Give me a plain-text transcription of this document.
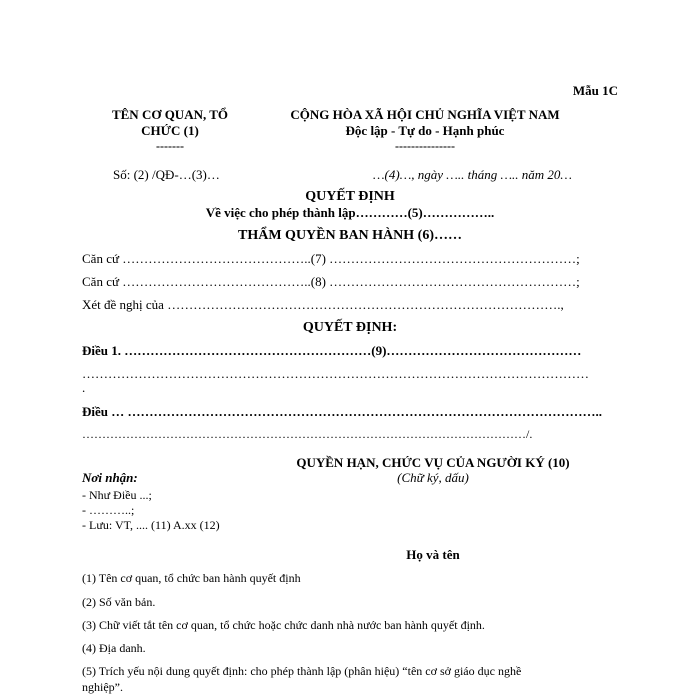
Mẫu 1C
TÊN CƠ QUAN, TỔ
CHỨC (1)
-------
CỘNG HÒA XÃ HỘI CHỦ NGHĨA VIỆT NAM
Độc lập - Tự do - Hạnh phúc
---------------
Số: (2) /QĐ-…(3)…	…(4)…, ngày ….. tháng ….. năm 20…
QUYẾT ĐỊNH
Về việc cho phép thành lập…………(5)……………..
THẨM QUYỀN BAN HÀNH (6)……
Căn cứ ……………………………………..(7) …………………………………………………;
Căn cứ ……………………………………..(8) …………………………………………………;
Xét đề nghị của ……………………………………………………………………………….,
QUYẾT ĐỊNH:
Điều 1. …………………………………………………(9)………………………………………
………………………………………………………………………………………………………
.
Điều … ………………………………………………………………………………………………..
…………………………………………………………………………………………………/.
QUYỀN HẠN, CHỨC VỤ CỦA NGƯỜI KÝ (10)
(Chữ ký, dấu)
Nơi nhận:
- Như Điều ...;
- ………..;
- Lưu: VT, .... (11) A.xx (12)
Họ và tên
(1) Tên cơ quan, tổ chức ban hành quyết định
(2) Số văn bản.
(3) Chữ viết tắt tên cơ quan, tổ chức hoặc chức danh nhà nước ban hành quyết định.
(4) Địa danh.
(5) Trích yếu nội dung quyết định: cho phép thành lập (phân hiệu) “tên cơ sở giáo dục nghề
nghiệp”.
